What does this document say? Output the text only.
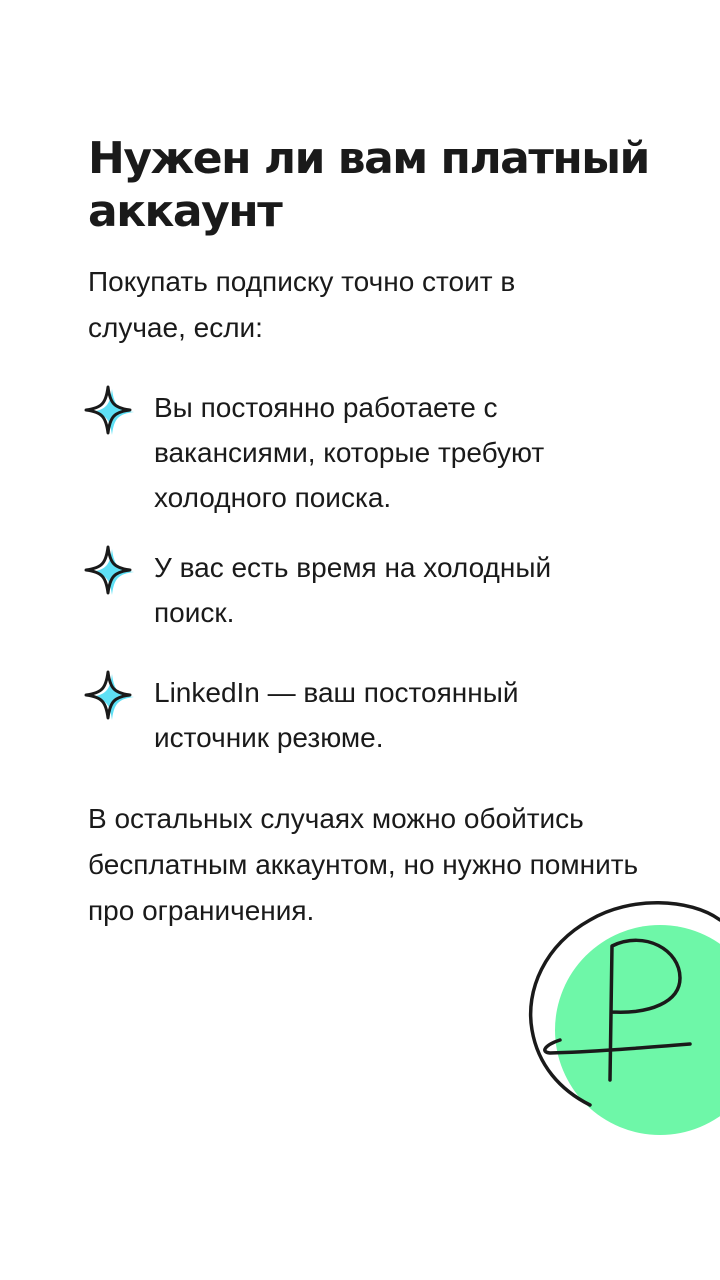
Нужен ли вам платный аккаунт

Покупать подписку точно стоит в случае, если:

Вы постоянно работаете с вакансиями, которые требуют холодного поиска.

У вас есть время на холодный поиск.

LinkedIn — ваш постоянный источник резюме.

В остальных случаях можно обойтись бесплатным аккаунтом, но нужно помнить про ограничения.
